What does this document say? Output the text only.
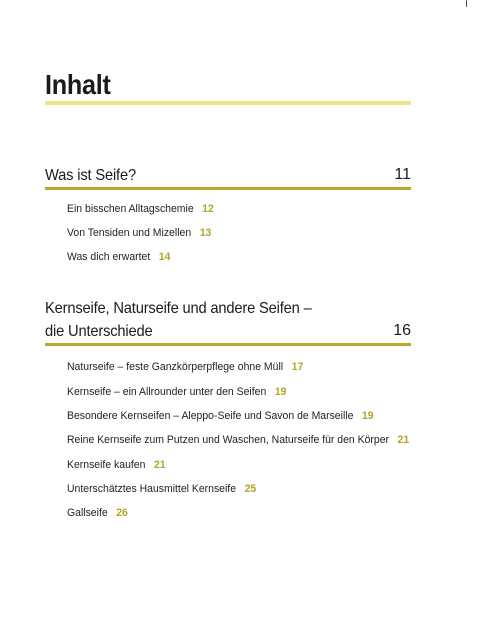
Inhalt
Was ist Seife?	11
Ein bisschen Alltagschemie 12
Von Tensiden und Mizellen 13
Was dich erwartet 14
Kernseife, Naturseife und andere Seifen –
die Unterschiede	16
Naturseife – feste Ganzkörperpflege ohne Müll 17
Kernseife – ein Allrounder unter den Seifen 19
Besondere Kernseifen – Aleppo-Seife und Savon de Marseille 19
Reine Kernseife zum Putzen und Waschen, Naturseife für den Körper 21
Kernseife kaufen 21
Unterschätztes Hausmittel Kernseife 25
Gallseife 26
